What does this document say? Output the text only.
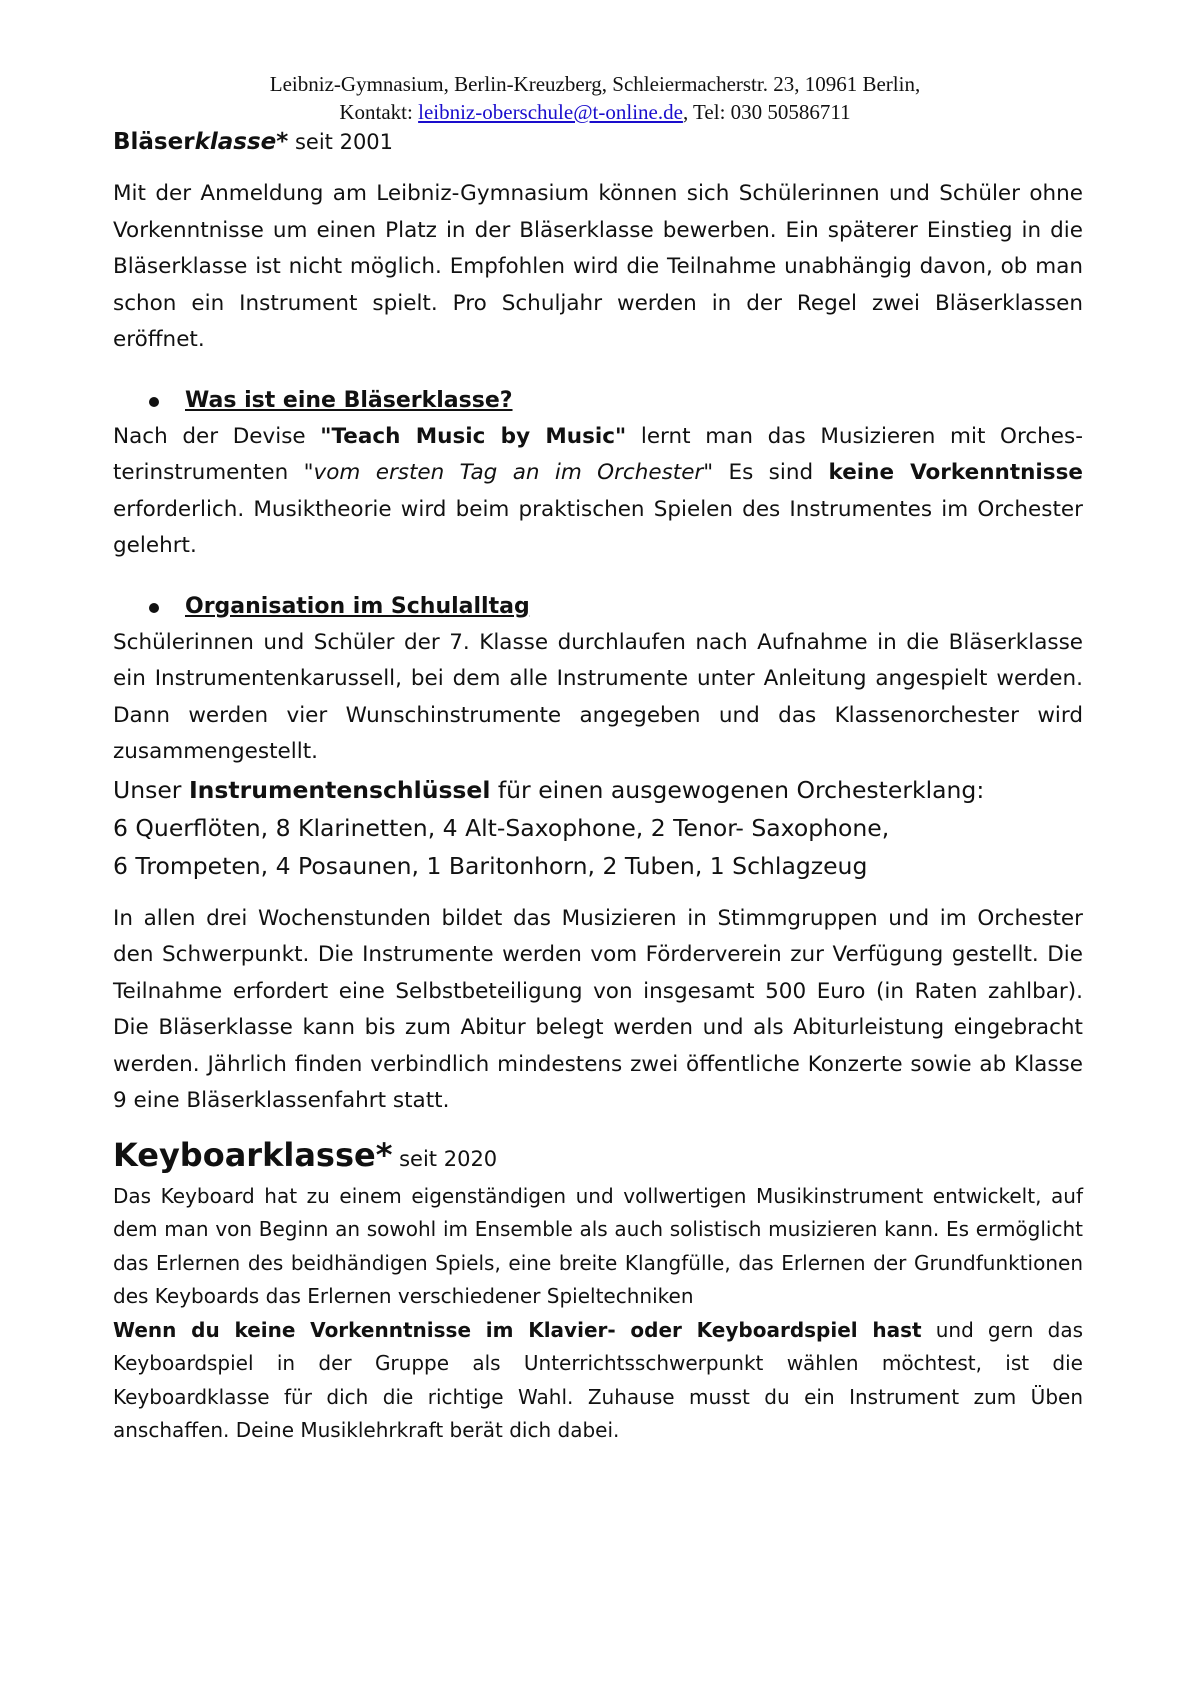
Leibniz-Gymnasium, Berlin-Kreuzberg, Schleiermacherstr. 23, 10961 Berlin,
Kontakt: leibniz-oberschule@t-online.de, Tel: 030 50586711
Bläserklasse* seit 2001

Mit der Anmeldung am Leibniz-Gymnasium können sich Schülerinnen und Schüler ohne Vorkenntnisse um einen Platz in der Bläserklasse bewerben. Ein späterer Einstieg in die Bläserklasse ist nicht möglich. Empfohlen wird die Teilnahme unabhängig davon, ob man schon ein Instrument spielt. Pro Schuljahr werden in der Regel zwei Bläserklassen eröffnet.

Was ist eine Bläserklasse?

Nach der Devise "Teach Music by Music" lernt man das Musizieren mit Orchesterinstrumenten "vom ersten Tag an im Orchester" Es sind keine Vorkenntnisse erforderlich. Musiktheorie wird beim praktischen Spielen des Instrumentes im Orchester gelehrt.

Organisation im Schulalltag

Schülerinnen und Schüler der 7. Klasse durchlaufen nach Aufnahme in die Bläserklasse ein Instrumentenkarussell, bei dem alle Instrumente unter Anleitung angespielt werden. Dann werden vier Wunschinstrumente angegeben und das Klassenorchester wird zusammengestellt.

Unser Instrumentenschlüssel für einen ausgewogenen Orchesterklang:

6 Querflöten, 8 Klarinetten, 4 Alt-Saxophone, 2 Tenor- Saxophone,

6 Trompeten, 4 Posaunen, 1 Baritonhorn, 2 Tuben, 1 Schlagzeug

In allen drei Wochenstunden bildet das Musizieren in Stimmgruppen und im Orchester den Schwerpunkt. Die Instrumente werden vom Förderverein zur Verfügung gestellt. Die Teilnahme erfordert eine Selbstbeteiligung von insgesamt 500 Euro (in Raten zahlbar). Die Bläserklasse kann bis zum Abitur belegt werden und als Abiturleistung eingebracht werden. Jährlich finden verbindlich mindestens zwei öffentliche Konzerte sowie ab Klasse 9 eine Bläserklassenfahrt statt.

Keyboarklasse* seit 2020

Das Keyboard hat zu einem eigenständigen und vollwertigen Musikinstrument entwickelt, auf dem man von Beginn an sowohl im Ensemble als auch solistisch musizieren kann. Es ermöglicht das Erlernen des beidhändigen Spiels, eine breite Klangfülle, das Erlernen der Grundfunktionen des Keyboards das Erlernen verschiedener Spieltechniken

Wenn du keine Vorkenntnisse im Klavier- oder Keyboardspiel hast und gern das Keyboardspiel in der Gruppe als Unterrichtsschwerpunkt wählen möchtest, ist die Keyboardklasse für dich die richtige Wahl. Zuhause musst du ein Instrument zum Üben anschaffen. Deine Musiklehrkraft berät dich dabei.
